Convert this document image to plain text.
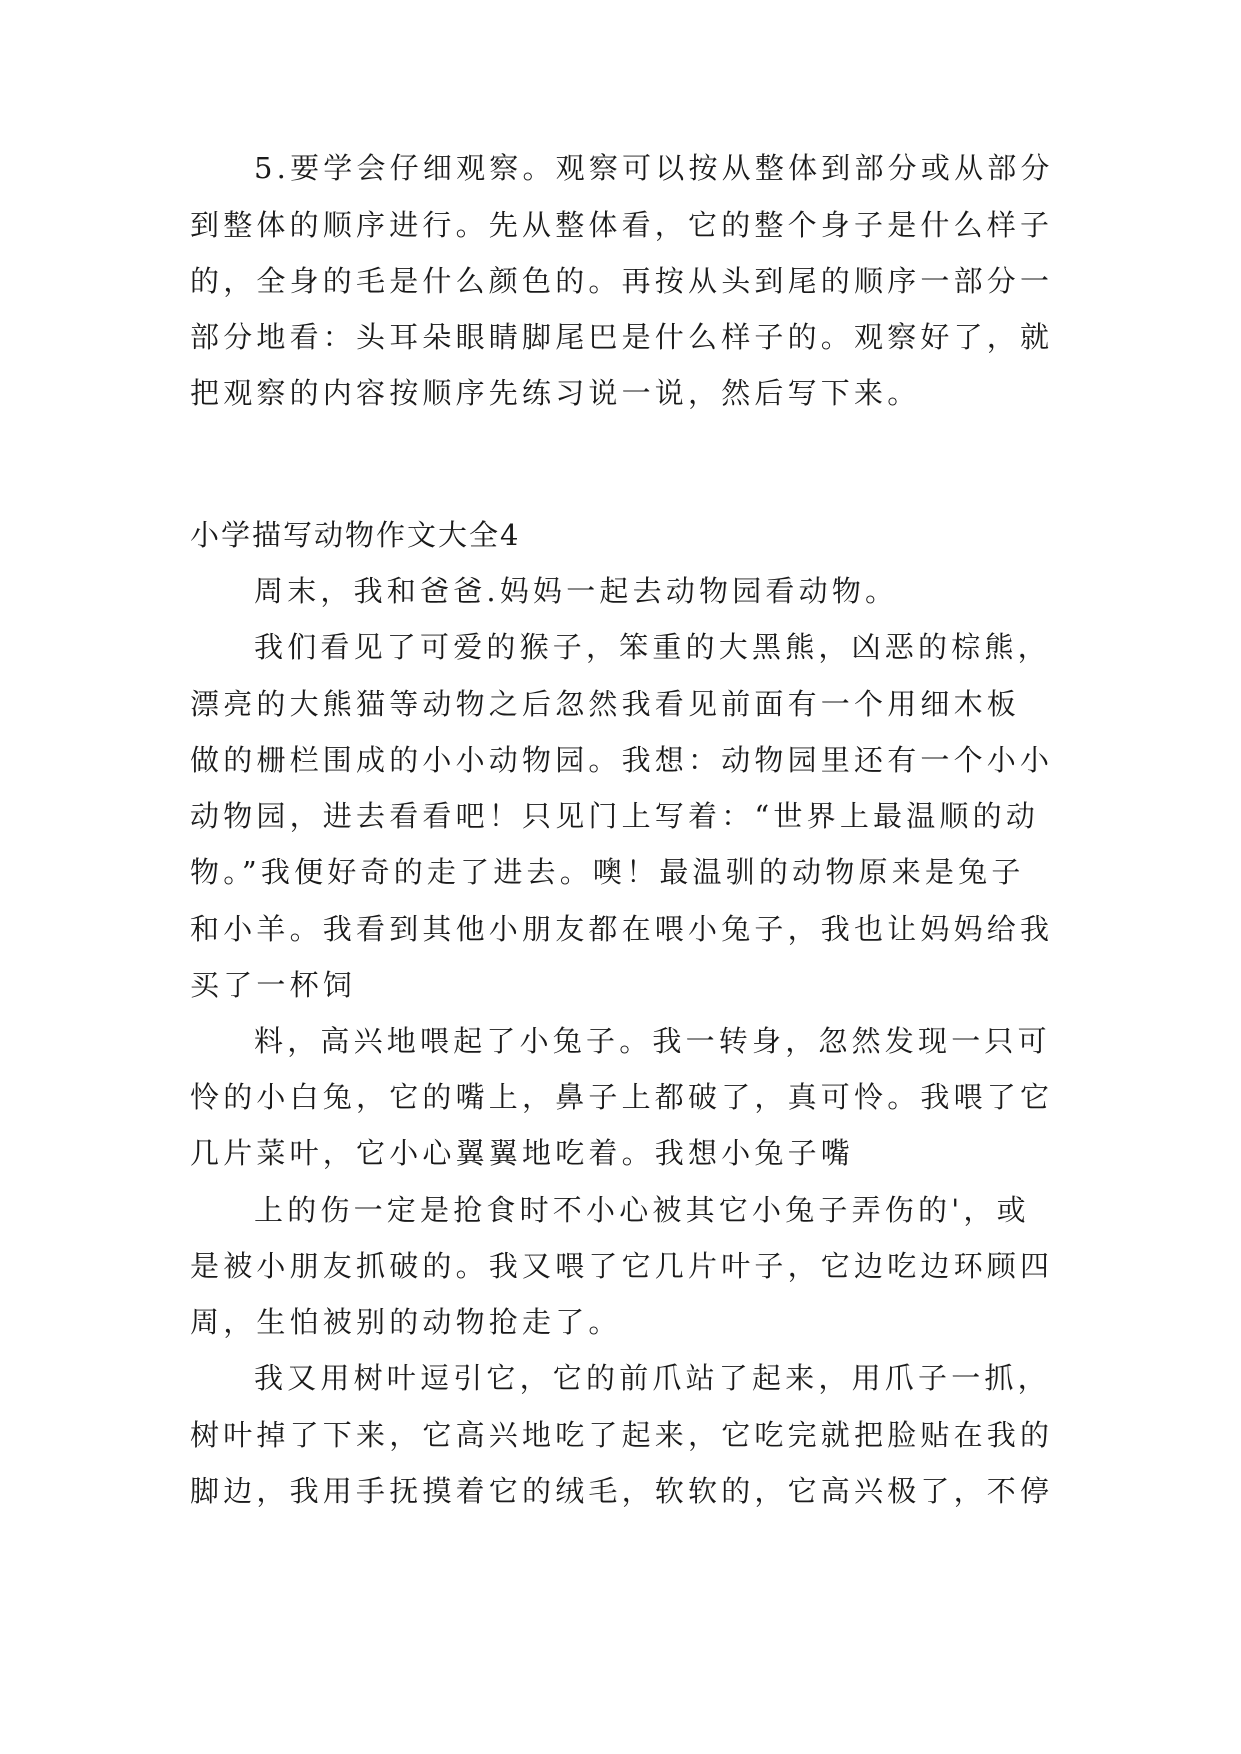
5.要学会仔细观察。观察可以按从整体到部分或从部分
到整体的顺序进行。先从整体看，它的整个身子是什么样子
的，全身的毛是什么颜色的。再按从头到尾的顺序一部分一
部分地看：头耳朵眼睛脚尾巴是什么样子的。观察好了，就
把观察的内容按顺序先练习说一说，然后写下来。
小学描写动物作文大全4
周末，我和爸爸.妈妈一起去动物园看动物。
我们看见了可爱的猴子，笨重的大黑熊，凶恶的棕熊，
漂亮的大熊猫等动物之后忽然我看见前面有一个用细木板
做的栅栏围成的小小动物园。我想：动物园里还有一个小小
动物园，进去看看吧！只见门上写着：“世界上最温顺的动
物。”我便好奇的走了进去。噢！最温驯的动物原来是兔子
和小羊。我看到其他小朋友都在喂小兔子，我也让妈妈给我
买了一杯饲
料，高兴地喂起了小兔子。我一转身，忽然发现一只可
怜的小白兔，它的嘴上，鼻子上都破了，真可怜。我喂了它
几片菜叶，它小心翼翼地吃着。我想小兔子嘴
上的伤一定是抢食时不小心被其它小兔子弄伤的'，或
是被小朋友抓破的。我又喂了它几片叶子，它边吃边环顾四
周，生怕被别的动物抢走了。
我又用树叶逗引它，它的前爪站了起来，用爪子一抓，
树叶掉了下来，它高兴地吃了起来，它吃完就把脸贴在我的
脚边，我用手抚摸着它的绒毛，软软的，它高兴极了，不停
